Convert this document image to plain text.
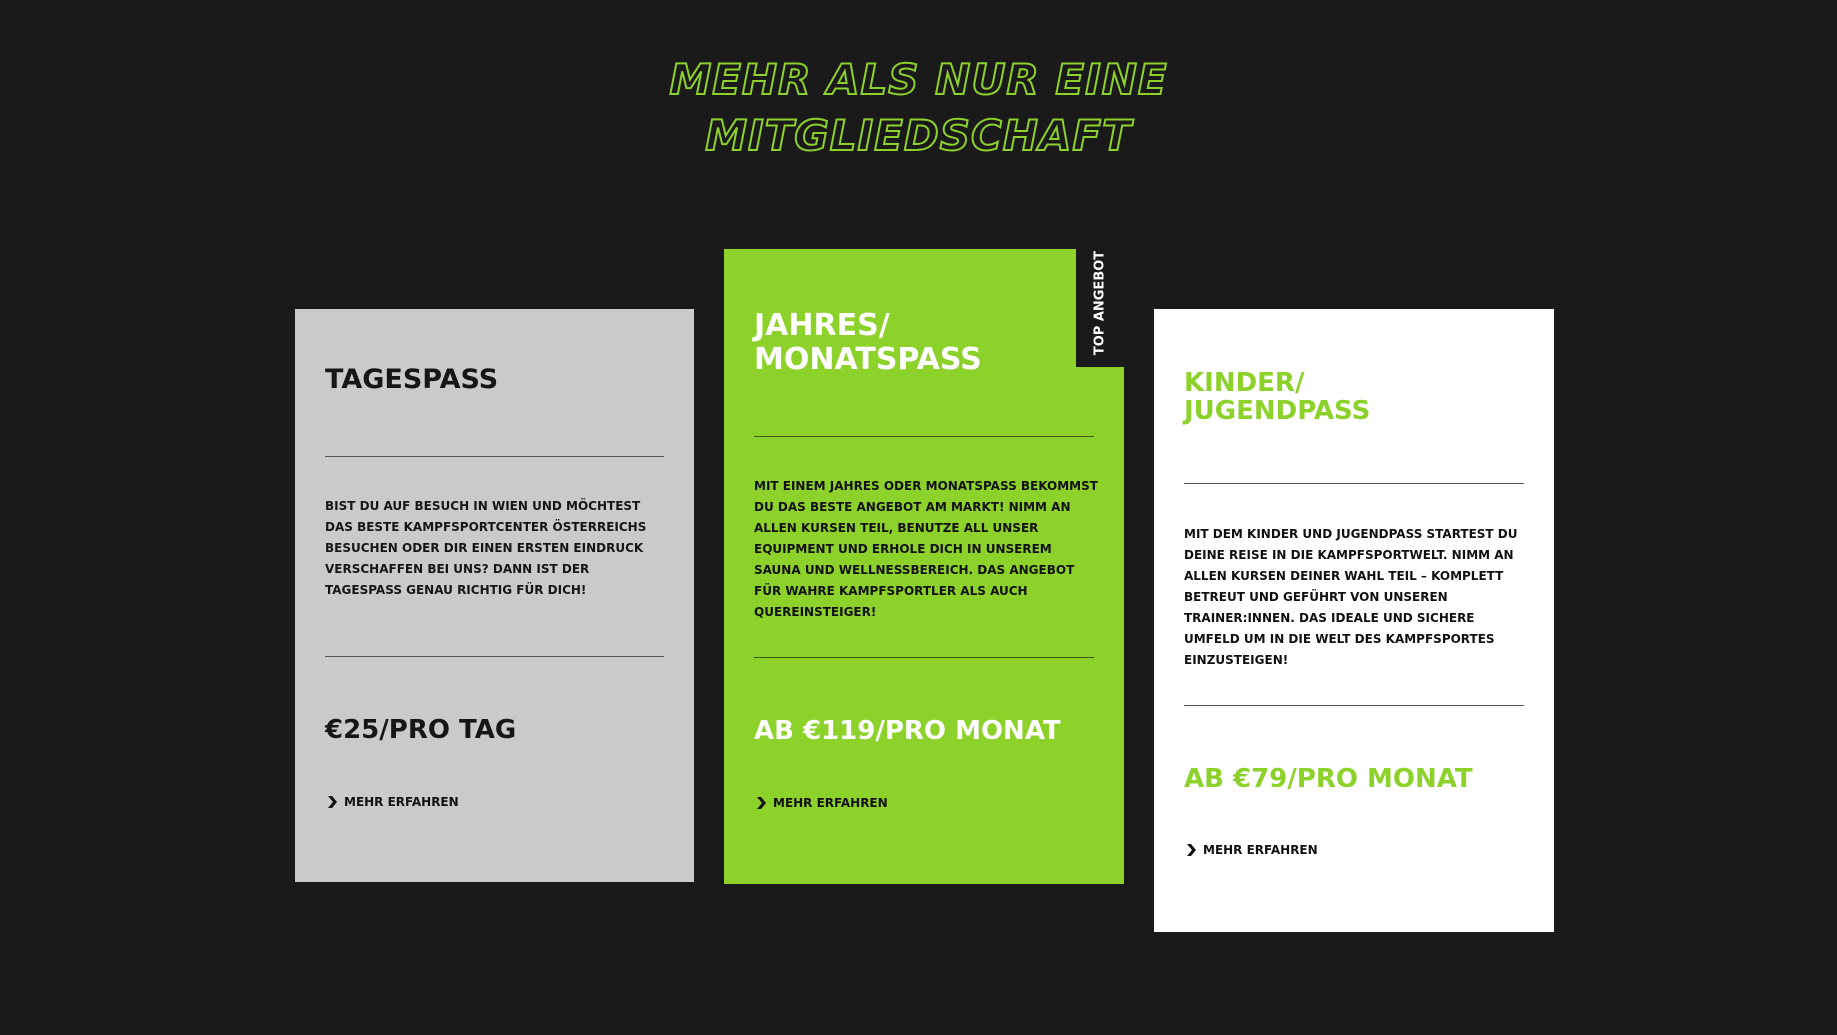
MEHR ALS NUR EINE
MITGLIEDSCHAFT
TAGESPASS

BIST DU AUF BESUCH IN WIEN UND MÖCHTEST DAS BESTE KAMPFSPORTCENTER ÖSTERREICHS BESUCHEN ODER DIR EINEN ERSTEN EINDRUCK VERSCHAFFEN BEI UNS? DANN IST DER TAGESPASS GENAU RICHTIG FÜR DICH!

€25/PRO TAG

MEHR ERFAHREN
JAHRES/
MONATSPASS

MIT EINEM JAHRES ODER MONATSPASS BEKOMMST DU DAS BESTE ANGEBOT AM MARKT! NIMM AN ALLEN KURSEN TEIL, BENUTZE ALL UNSER EQUIPMENT UND ERHOLE DICH IN UNSEREM SAUNA UND WELLNESSBEREICH. DAS ANGEBOT FÜR WAHRE KAMPFSPORTLER ALS AUCH QUEREINSTEIGER!

AB €119/PRO MONAT

MEHR ERFAHREN
TOP ANGEBOT
KINDER/
JUGENDPASS

MIT DEM KINDER UND JUGENDPASS STARTEST DU DEINE REISE IN DIE KAMPFSPORTWELT. NIMM AN ALLEN KURSEN DEINER WAHL TEIL – KOMPLETT BETREUT UND GEFÜHRT VON UNSEREN TRAINER:INNEN. DAS IDEALE UND SICHERE UMFELD UM IN DIE WELT DES KAMPFSPORTES EINZUSTEIGEN!

AB €79/PRO MONAT

MEHR ERFAHREN
